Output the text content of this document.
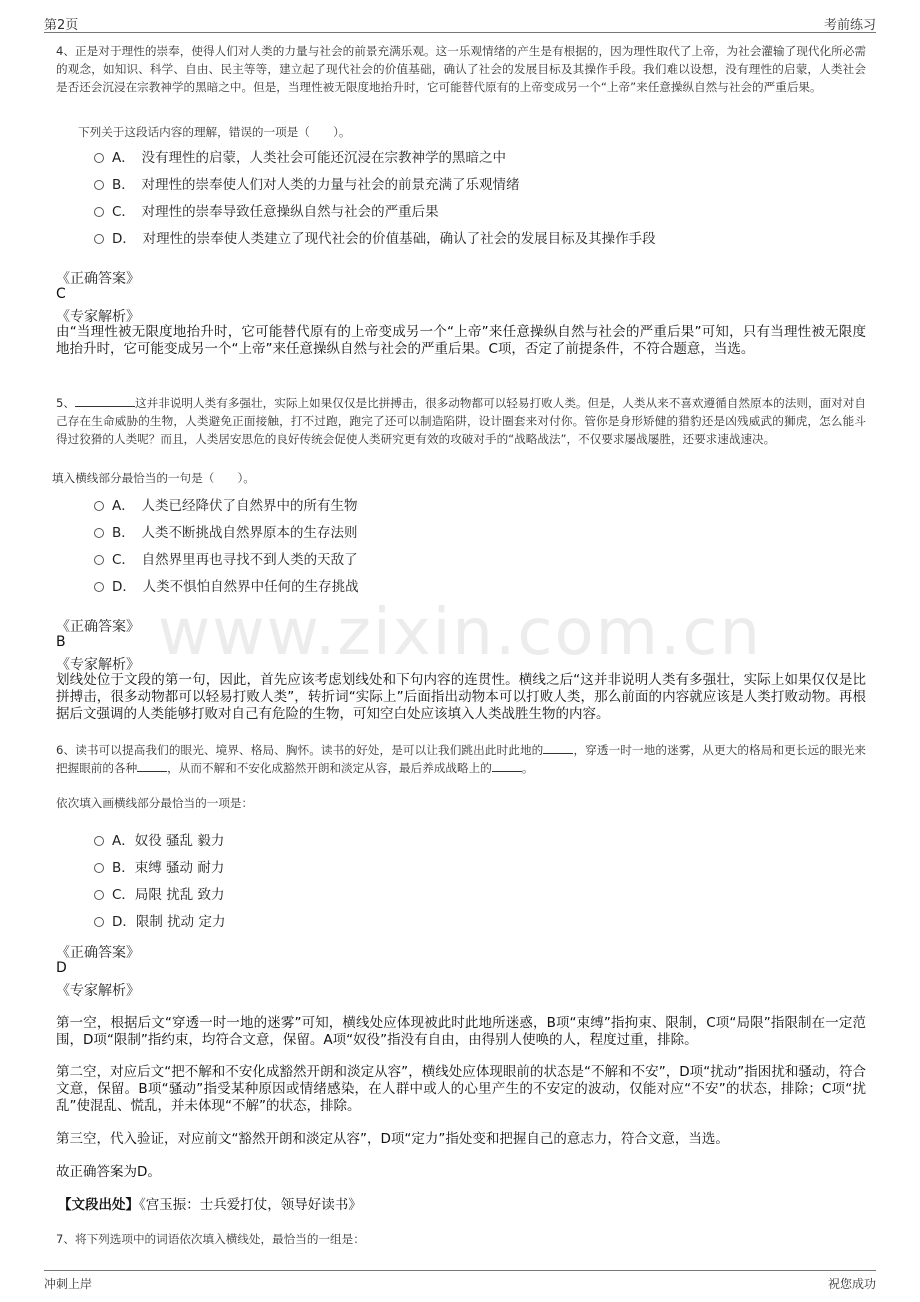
第2页	考前练习
www.zixin.com.cn

4、正是对于理性的崇奉，使得人们对人类的力量与社会的前景充满乐观。这一乐观情绪的产生是有根据的，因为理性取代了上帝，为社会灌输了现代化所必需的观念，如知识、科学、自由、民主等等，建立起了现代社会的价值基础，确认了社会的发展目标及其操作手段。我们难以设想，没有理性的启蒙，人类社会是否还会沉浸在宗教神学的黑暗之中。但是，当理性被无限度地抬升时，它可能替代原有的上帝变成另一个“上帝”来任意操纵自然与社会的严重后果。

下列关于这段话内容的理解，错误的一项是（　　）。

A．　没有理性的启蒙，人类社会可能还沉浸在宗教神学的黑暗之中
B．　对理性的崇奉使人们对人类的力量与社会的前景充满了乐观情绪
C．　对理性的崇奉导致任意操纵自然与社会的严重后果
D．　对理性的崇奉使人类建立了现代社会的价值基础，确认了社会的发展目标及其操作手段
《正确答案》
C
《专家解析》

由“当理性被无限度地抬升时，它可能替代原有的上帝变成另一个“上帝”来任意操纵自然与社会的严重后果”可知，只有当理性被无限度地抬升时，它可能变成另一个“上帝”来任意操纵自然与社会的严重后果。C项，否定了前提条件，不符合题意，当选。

5、	这并非说明人类有多强壮，实际上如果仅仅是比拼搏击，很多动物都可以轻易打败人类。但是，人类从来不喜欢遵循自然原本的法则，面对对自己存在生命威胁的生物，人类避免正面接触，打不过跑，跑完了还可以制造陷阱，设计圈套来对付你。管你是身形矫健的猎豹还是凶残威武的狮虎，怎么能斗得过狡猾的人类呢？而且，人类居安思危的良好传统会促使人类研究更有效的攻破对手的“战略战法”，不仅要求屡战屡胜，还要求速战速决。

填入横线部分最恰当的一句是（　　）。

A．　人类已经降伏了自然界中的所有生物
B．　人类不断挑战自然界原本的生存法则
C．　自然界里再也寻找不到人类的天敌了
D．　人类不惧怕自然界中任何的生存挑战
《正确答案》
B
《专家解析》

划线处位于文段的第一句，因此，首先应该考虑划线处和下句内容的连贯性。横线之后“这并非说明人类有多强壮，实际上如果仅仅是比拼搏击，很多动物都可以轻易打败人类”，转折词“实际上”后面指出动物本可以打败人类，那么前面的内容就应该是人类打败动物。再根据后文强调的人类能够打败对自己有危险的生物，可知空白处应该填入人类战胜生物的内容。

6、读书可以提高我们的眼光、境界、格局、胸怀。读书的好处，是可以让我们跳出此时此地的	，穿透一时一地的迷雾，从更大的格局和更长远的眼光来把握眼前的各种	，从而不解和不安化成豁然开朗和淡定从容，最后养成战略上的	。

依次填入画横线部分最恰当的一项是：

A．奴役 骚乱 毅力
B．束缚 骚动 耐力
C．局限 扰乱 致力
D．限制 扰动 定力
《正确答案》
D
《专家解析》

第一空，根据后文“穿透一时一地的迷雾”可知，横线处应体现被此时此地所迷惑，B项“束缚”指拘束、限制，C项“局限”指限制在一定范围，D项“限制”指约束，均符合文意，保留。A项“奴役”指没有自由，由得别人使唤的人，程度过重，排除。

第二空，对应后文“把不解和不安化成豁然开朗和淡定从容”，横线处应体现眼前的状态是“不解和不安”，D项“扰动”指困扰和骚动，符合文意，保留。B项“骚动”指受某种原因或情绪感染，在人群中或人的心里产生的不安定的波动，仅能对应“不安”的状态，排除；C项“扰乱”使混乱、慌乱，并未体现“不解”的状态，排除。

第三空，代入验证，对应前文“豁然开朗和淡定从容”，D项“定力”指处变和把握自己的意志力，符合文意，当选。

故正确答案为D。

【文段出处】《宫玉振：士兵爱打仗，领导好读书》

7、将下列选项中的词语依次填入横线处，最恰当的一组是：

冲刺上岸	祝您成功
